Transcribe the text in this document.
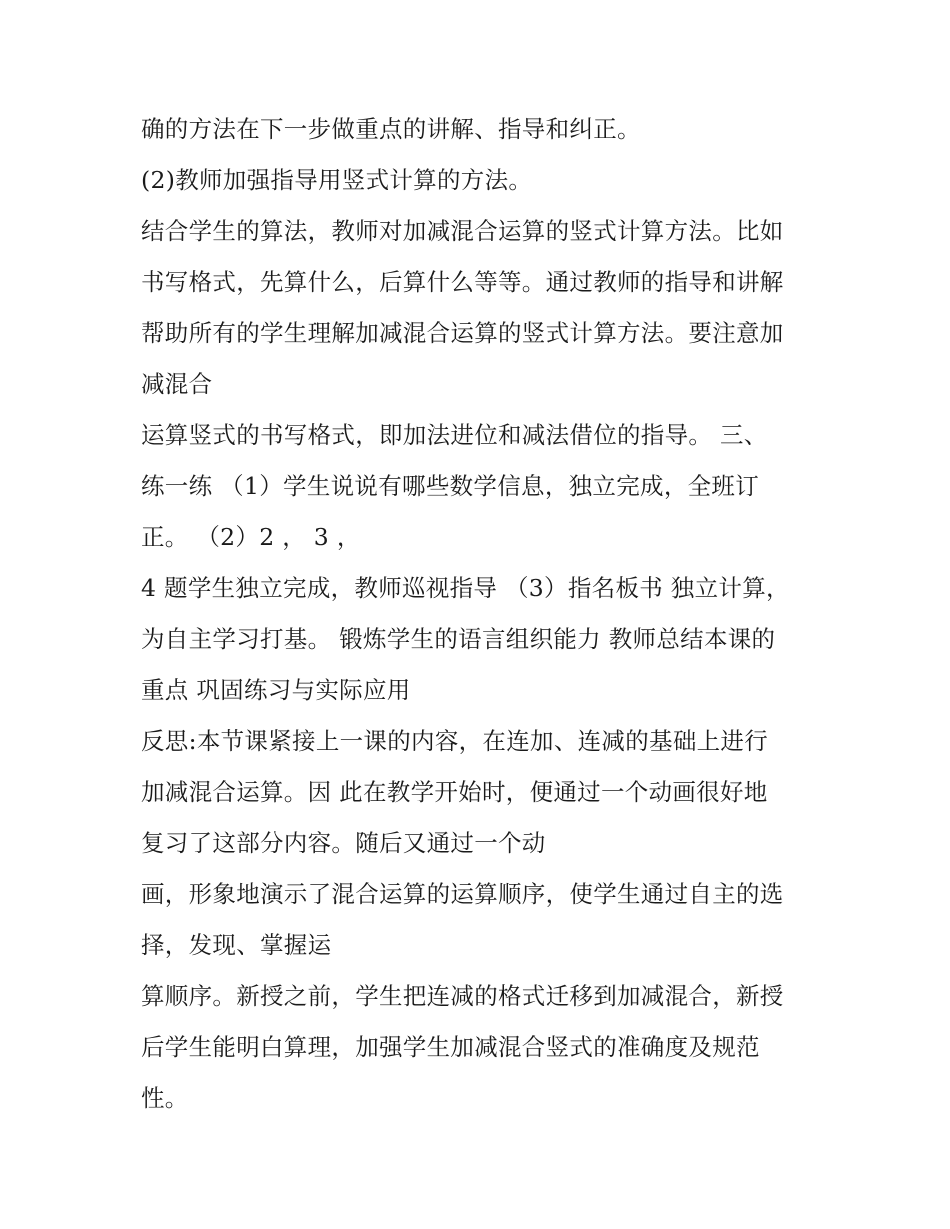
确的方法在下一步做重点的讲解、指导和纠正。
(2)教师加强指导用竖式计算的方法。
结合学生的算法，教师对加减混合运算的竖式计算方法。比如
书写格式，先算什么，后算什么等等。通过教师的指导和讲解
帮助所有的学生理解加减混合运算的竖式计算方法。要注意加
减混合
运算竖式的书写格式，即加法进位和减法借位的指导。 三、
练一练 （1）学生说说有哪些数学信息，独立完成，全班订
正。 （2）2 ， 3 ，
4 题学生独立完成，教师巡视指导 （3）指名板书 独立计算，
为自主学习打基。 锻炼学生的语言组织能力 教师总结本课的
重点 巩固练习与实际应用
反思:本节课紧接上一课的内容，在连加、连减的基础上进行
加减混合运算。因 此在教学开始时，便通过一个动画很好地
复习了这部分内容。随后又通过一个动
画，形象地演示了混合运算的运算顺序，使学生通过自主的选
择，发现、掌握运
算顺序。新授之前，学生把连减的格式迁移到加减混合，新授
后学生能明白算理，加强学生加减混合竖式的准确度及规范
性。
